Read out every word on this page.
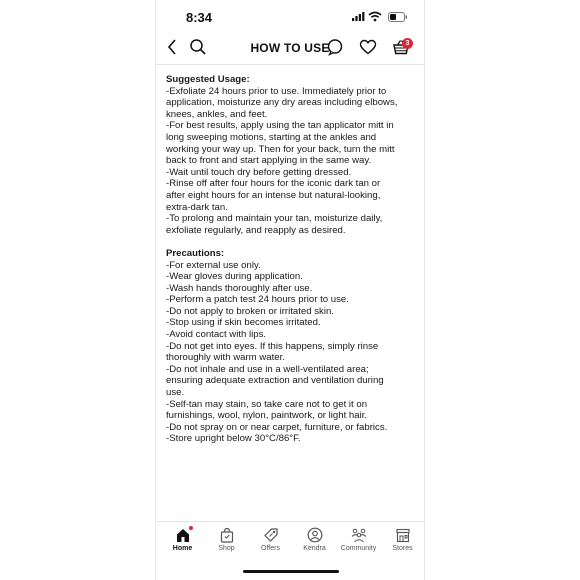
8:34
HOW TO USE	3
Suggested Usage:
-Exfoliate 24 hours prior to use. Immediately prior to
application, moisturize any dry areas including elbows,
knees, ankles, and feet.
-For best results, apply using the tan applicator mitt in
long sweeping motions, starting at the ankles and
working your way up. Then for your back, turn the mitt
back to front and start applying in the same way.
-Wait until touch dry before getting dressed.
-Rinse off after four hours for the iconic dark tan or
after eight hours for an intense but natural-looking,
extra-dark tan.
-To prolong and maintain your tan, moisturize daily,
exfoliate regularly, and reapply as desired.
Precautions:
-For external use only.
-Wear gloves during application.
-Wash hands thoroughly after use.
-Perform a patch test 24 hours prior to use.
-Do not apply to broken or irritated skin.
-Stop using if skin becomes irritated.
-Avoid contact with lips.
-Do not get into eyes. If this happens, simply rinse
thoroughly with warm water.
-Do not inhale and use in a well-ventilated area;
ensuring adequate extraction and ventilation during
use.
-Self-tan may stain, so take care not to get it on
furnishings, wool, nylon, paintwork, or light hair.
-Do not spray on or near carpet, furniture, or fabrics.
-Store upright below 30°C/86°F.
Home	Shop	Offers	Kendra	Community	Stores
